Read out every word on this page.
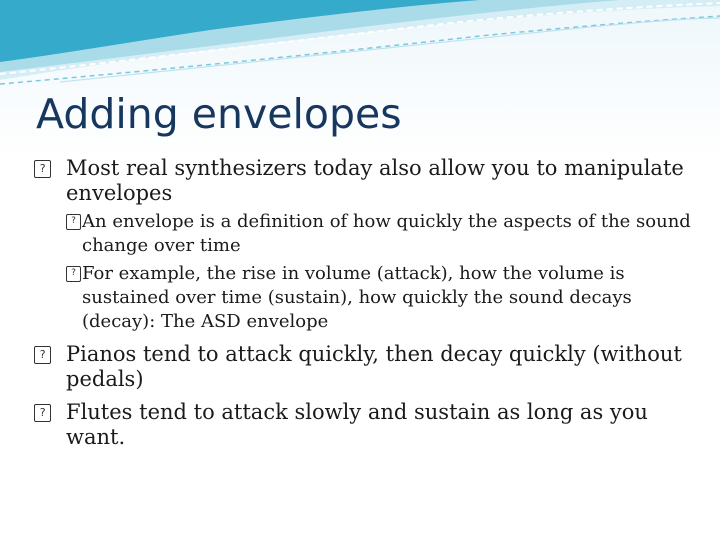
Adding envelopes
? Most real synthesizers today also allow you to manipulate envelopes
? An envelope is a definition of how quickly the aspects of the sound change over time
? For example, the rise in volume (attack), how the volume is sustained over time (sustain), how quickly the sound decays (decay): The ASD envelope
? Pianos tend to attack quickly, then decay quickly (without pedals)
? Flutes tend to attack slowly and sustain as long as you want.
